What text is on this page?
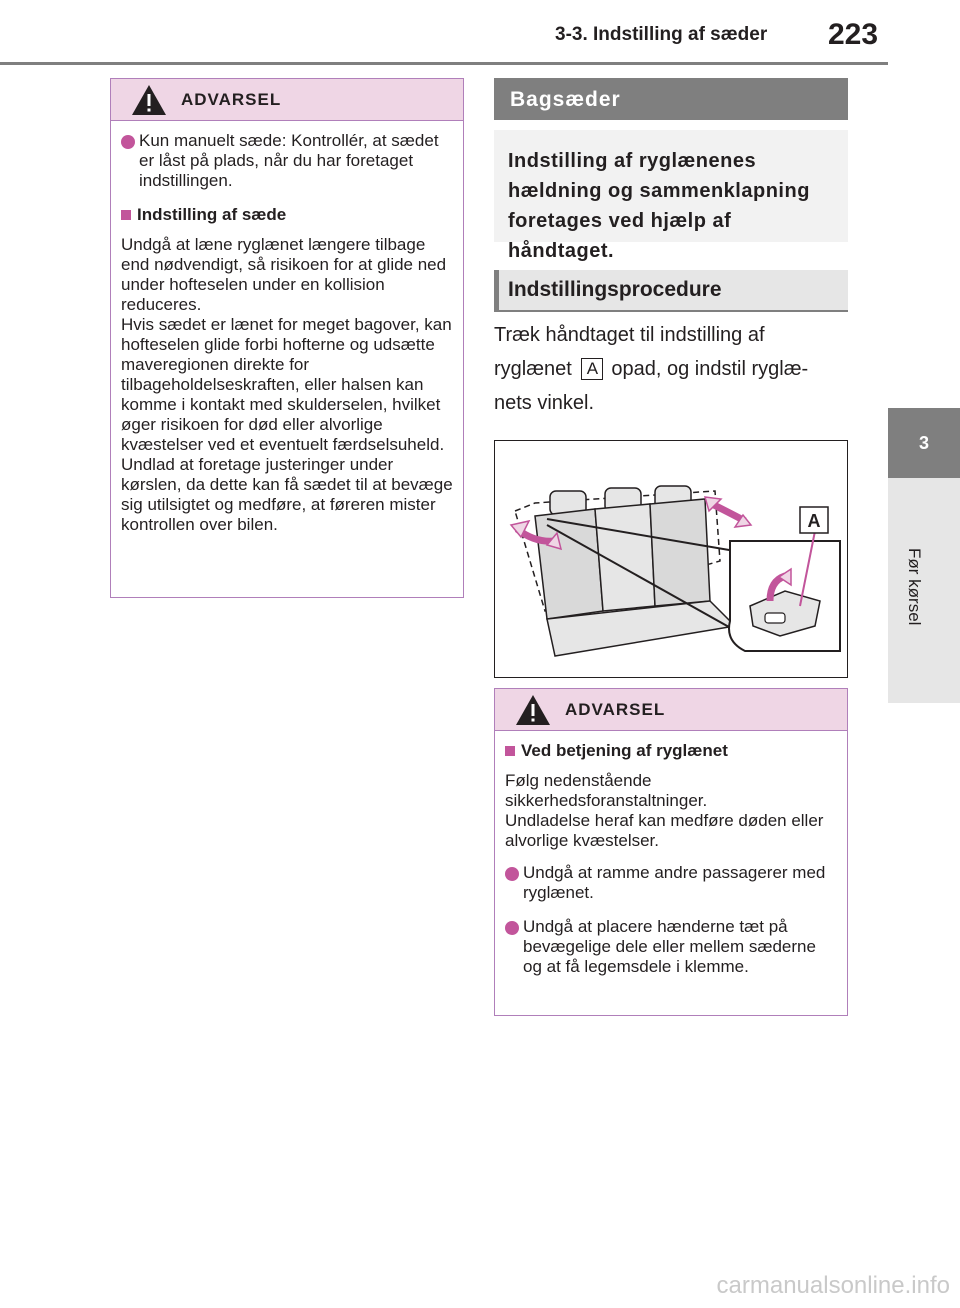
3-3. Indstilling af sæder 223
3
Før kørsel
ADVARSEL
Kun manuelt sæde: Kontrollér, at sædet er låst på plads, når du har foretaget indstillingen.
Indstilling af sæde
Undgå at læne ryglænet længere tilbage end nødvendigt, så risikoen for at glide ned under hofteselen under en kollision reduceres.
Hvis sædet er lænet for meget bagover, kan hofteselen glide forbi hofterne og udsætte maveregionen direkte for tilbageholdelseskraften, eller halsen kan komme i kontakt med skulderselen, hvilket øger risikoen for død eller alvorlige kvæstelser ved et eventuelt færdselsuheld.
Undlad at foretage justeringer under kørslen, da dette kan få sædet til at bevæge sig utilsigtet og medføre, at føreren mister kontrollen over bilen.
Bagsæder
Indstilling af ryglænenes hældning og sammenklapning foretages ved hjælp af håndtaget.
Indstillingsprocedure
Træk håndtaget til indstilling af
ryglænet A opad, og indstil ryglæ-
nets vinkel.
A
ADVARSEL
Ved betjening af ryglænet
Følg nedenstående sikkerhedsforanstaltninger.
Undladelse heraf kan medføre døden eller alvorlige kvæstelser.
Undgå at ramme andre passagerer med ryglænet.
Undgå at placere hænderne tæt på bevægelige dele eller mellem sæderne og at få legemsdele i klemme.
carmanualsonline.info
